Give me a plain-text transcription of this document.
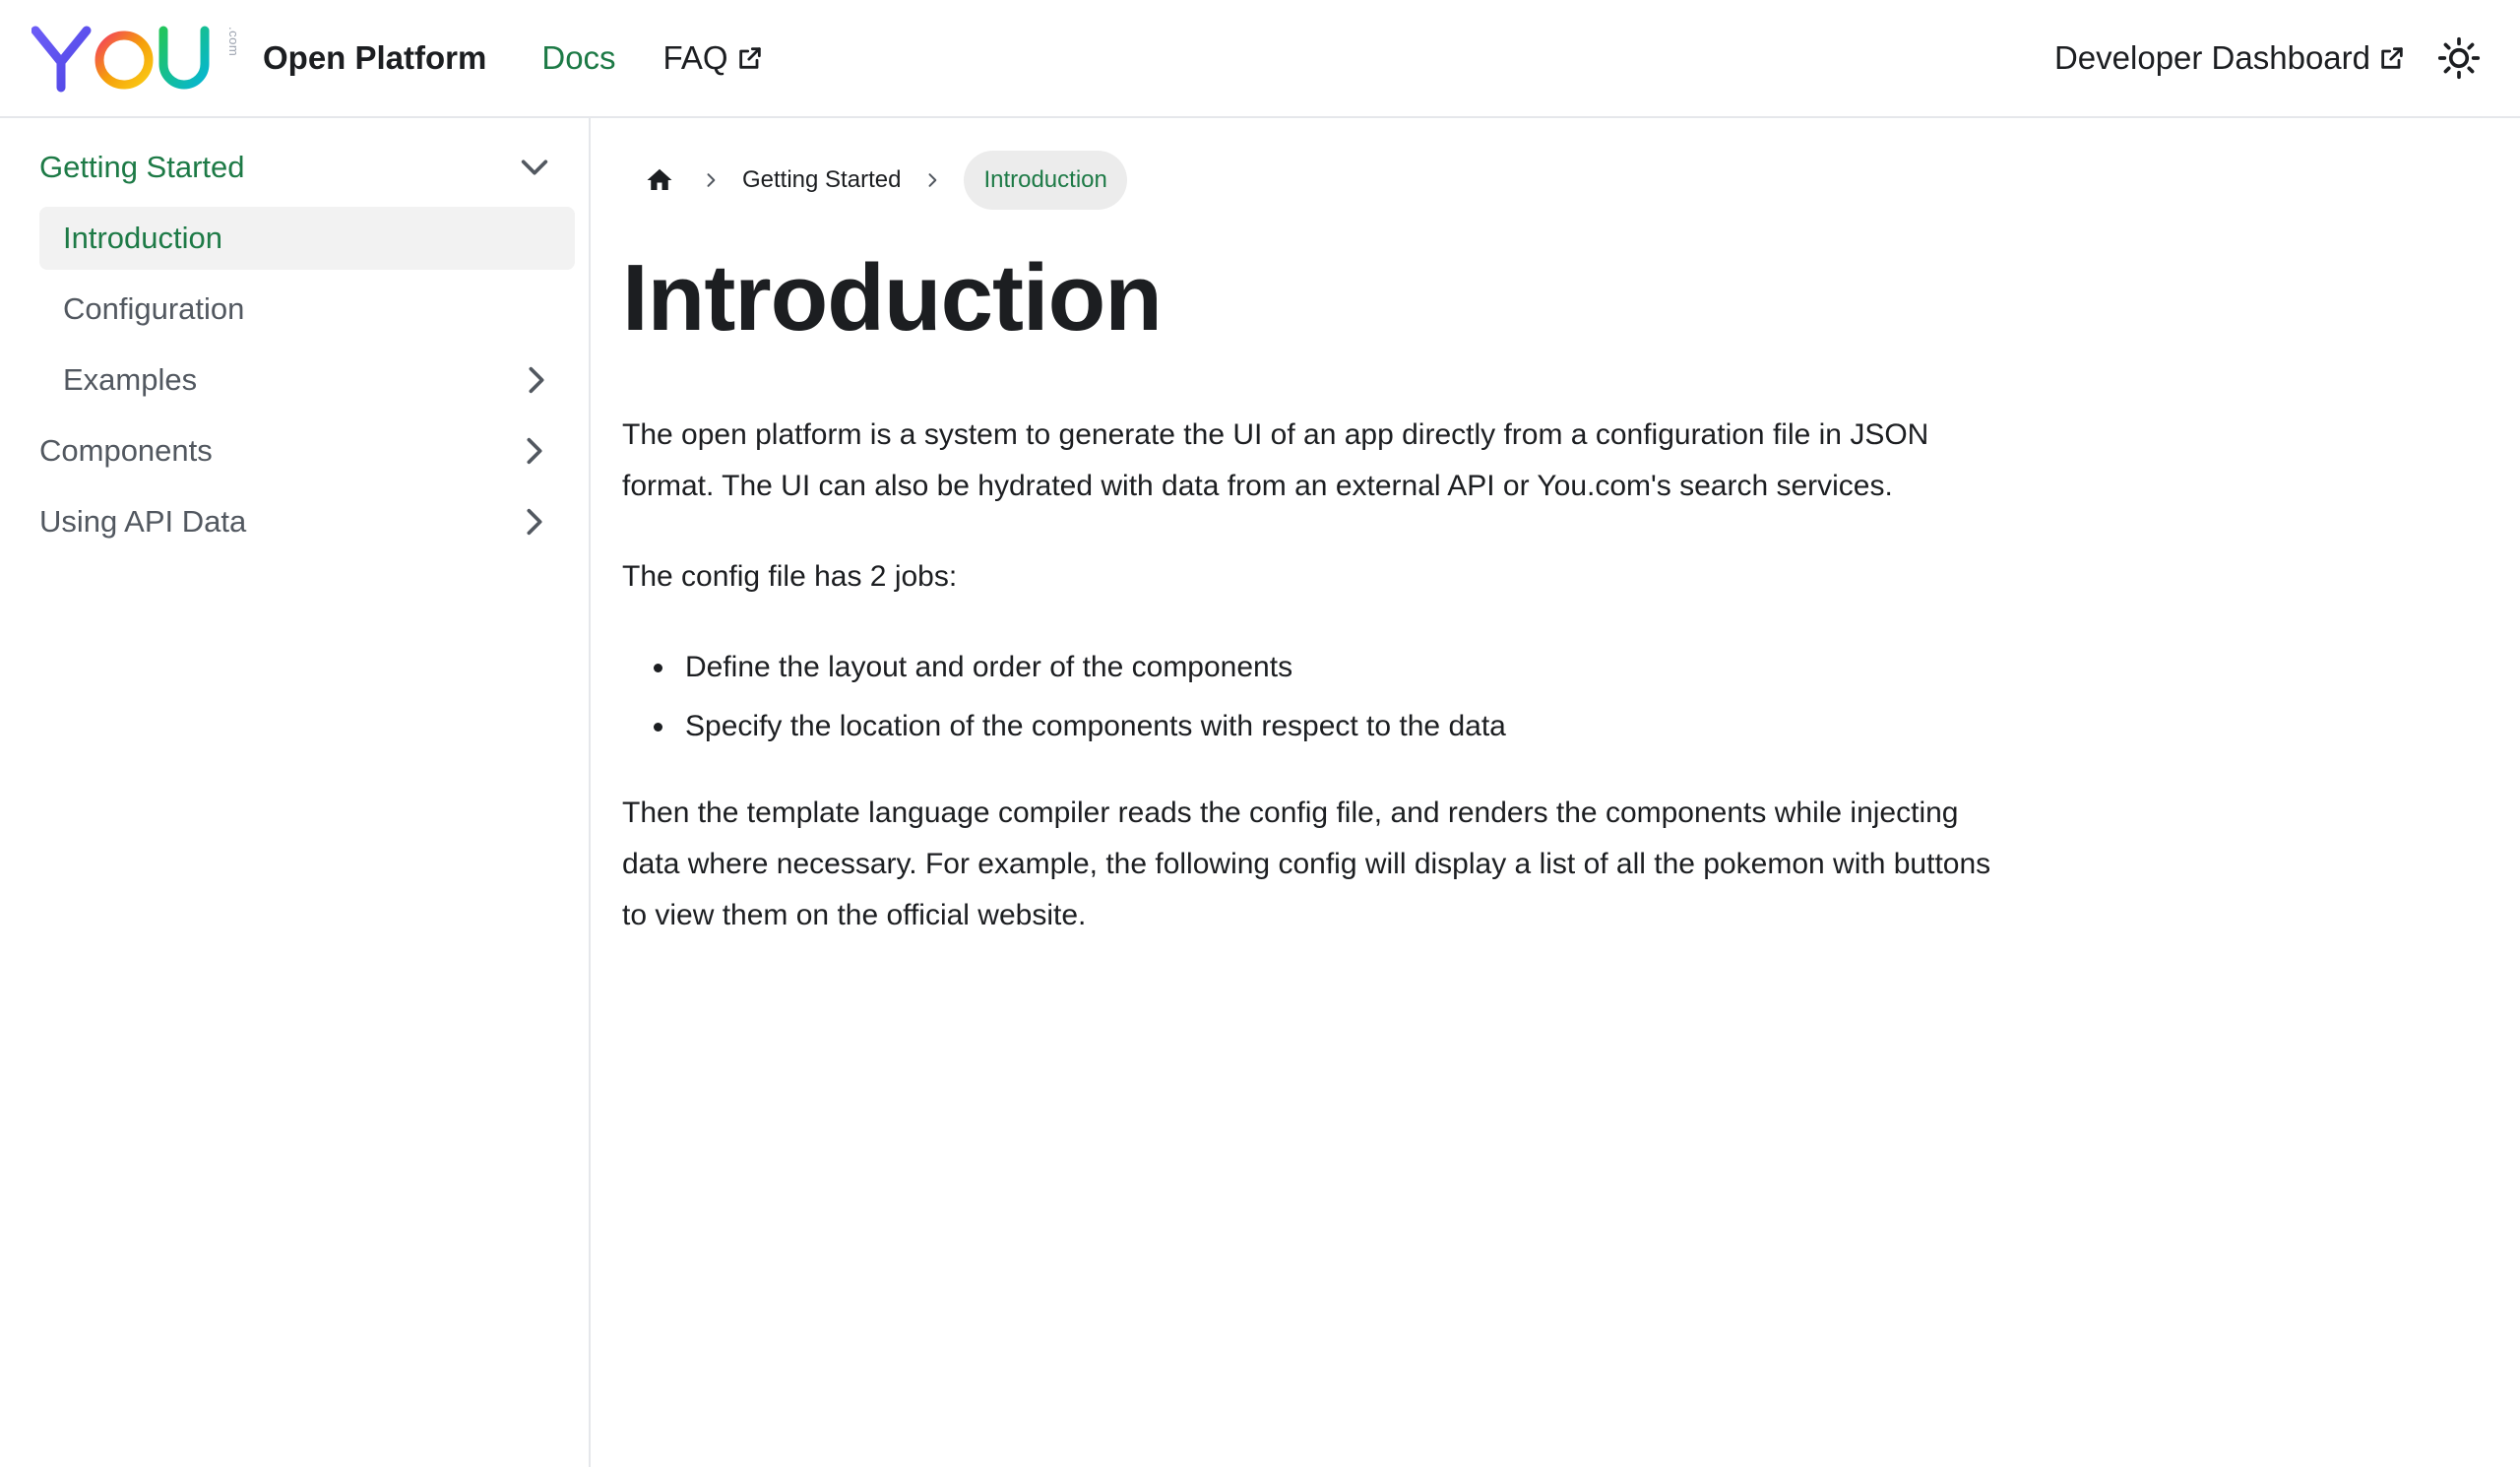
.com Open Platform Docs FAQ	Developer Dashboard
Getting Started
Introduction
Configuration
Examples
Components
Using API Data
Getting Started	Introduction
Introduction

The open platform is a system to generate the UI of an app directly from a configuration file in JSON format. The UI can also be hydrated with data from an external API or You.com's search services.

The config file has 2 jobs:

Define the layout and order of the components
Specify the location of the components with respect to the data

Then the template language compiler reads the config file, and renders the components while injecting data where necessary. For example, the following config will display a list of all the pokemon with buttons to view them on the official website.
